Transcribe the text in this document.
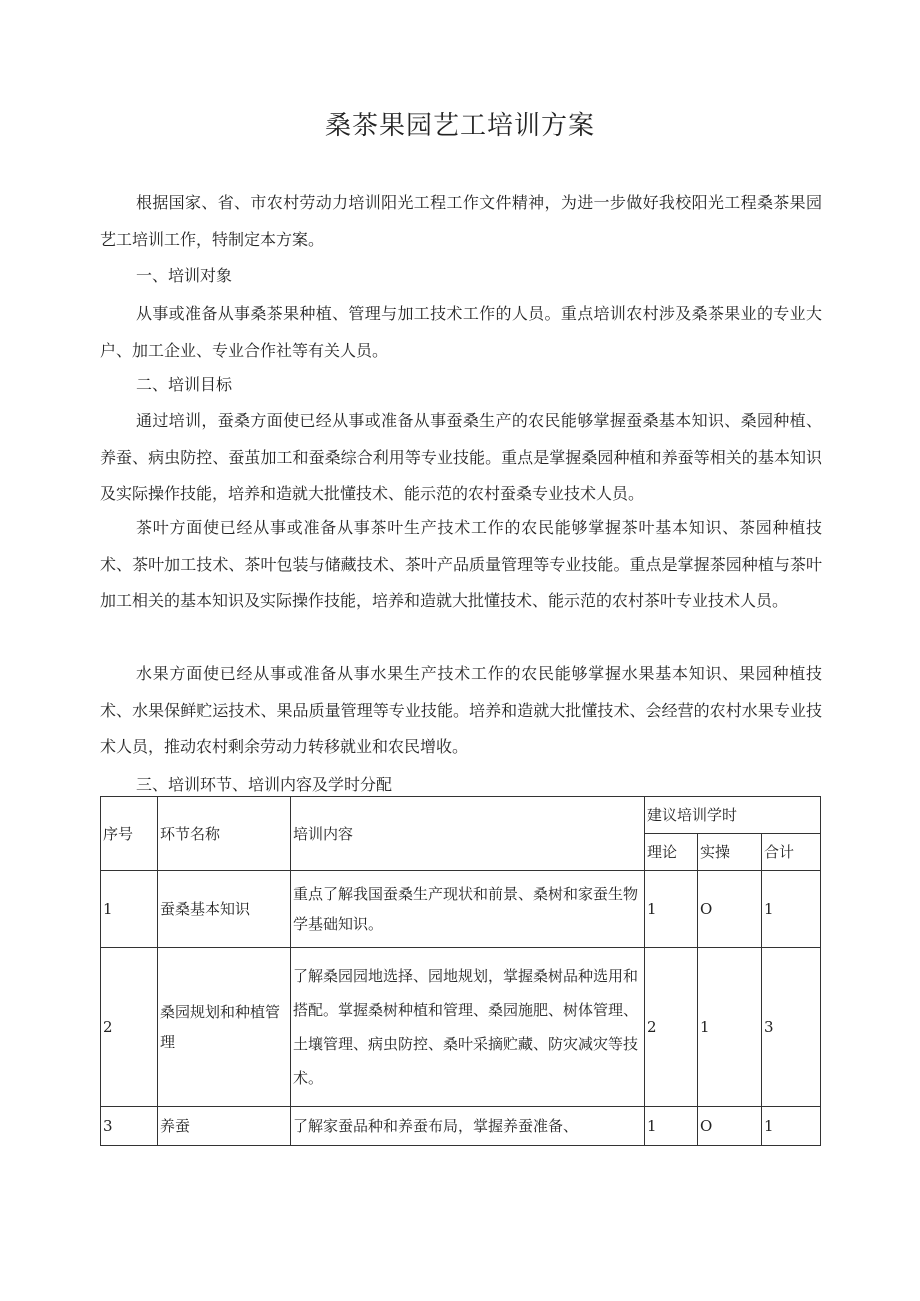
桑茶果园艺工培训方案

根据国家、省、市农村劳动力培训阳光工程工作文件精神，为进一步做好我校阳光工程桑茶果园艺工培训工作，特制定本方案。

一、培训对象

从事或准备从事桑茶果种植、管理与加工技术工作的人员。重点培训农村涉及桑茶果业的专业大户、加工企业、专业合作社等有关人员。

二、培训目标

通过培训，蚕桑方面使已经从事或准备从事蚕桑生产的农民能够掌握蚕桑基本知识、桑园种植、养蚕、病虫防控、蚕茧加工和蚕桑综合利用等专业技能。重点是掌握桑园种植和养蚕等相关的基本知识及实际操作技能，培养和造就大批懂技术、能示范的农村蚕桑专业技术人员。

茶叶方面使已经从事或准备从事茶叶生产技术工作的农民能够掌握茶叶基本知识、茶园种植技术、茶叶加工技术、茶叶包装与储藏技术、茶叶产品质量管理等专业技能。重点是掌握茶园种植与茶叶加工相关的基本知识及实际操作技能，培养和造就大批懂技术、能示范的农村茶叶专业技术人员。

水果方面使已经从事或准备从事水果生产技术工作的农民能够掌握水果基本知识、果园种植技术、水果保鲜贮运技术、果品质量管理等专业技能。培养和造就大批懂技术、会经营的农村水果专业技术人员，推动农村剩余劳动力转移就业和农民增收。

三、培训环节、培训内容及学时分配
序号	环节名称	培训内容	建议培训学时		
			理论	实操	合计
1	蚕桑基本知识	重点了解我国蚕桑生产现状和前景、桑树和家蚕生物学基础知识。	1	O	1
2	桑园规划和种植管理	了解桑园园地选择、园地规划，掌握桑树品种选用和搭配。掌握桑树种植和管理、桑园施肥、树体管理、土壤管理、病虫防控、桑叶采摘贮藏、防灾减灾等技术。	2	1	3
3	养蚕	了解家蚕品种和养蚕布局，掌握养蚕准备、	1	O	1
